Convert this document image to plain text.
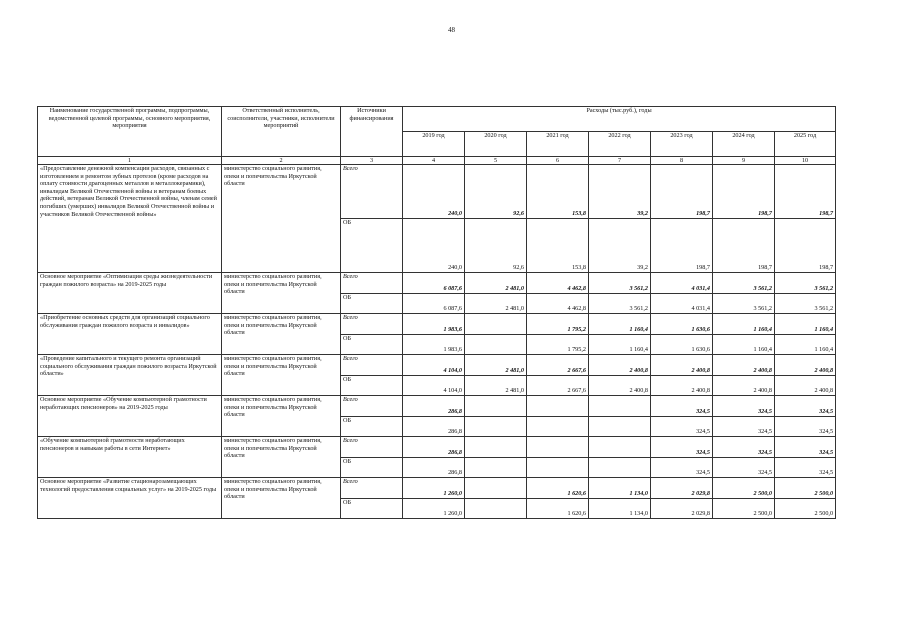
48
Наименование государственной программы, подпрограммы, ведомственной целевой программы, основного мероприятия, мероприятия	Ответственный исполнитель, соисполнители, участники, исполнители мероприятий	Источники финансирования	Расходы (тыс.руб.), годы						
			2019 год	2020 год	2021 год	2022 год	2023 год	2024 год	2025 год
1	2	3	4	5	6	7	8	9	10
«Предоставление денежной компенсации расходов, связанных с изготовлением и ремонтом зубных протезов (кроме расходов на оплату стоимости драгоценных металлов и металлокерамики), инвалидам Великой Отечественной войны и ветеранам боевых действий, ветеранам Великой Отечественной войны, членам семей погибших (умерших) инвалидов Великой Отечественной войны и участников Великой Отечественной войны»	министерство социального развития, опеки и попечительства Иркутской области	Всего	240,0	92,6	153,8	39,2	198,7	198,7	198,7
		ОБ	240,0	92,6	153,8	39,2	198,7	198,7	198,7
Основное мероприятие «Оптимизация среды жизнедеятельности граждан пожилого возраста» на 2019-2025 годы	министерство социального развития, опеки и попечительства Иркутской области	Всего	6 087,6	2 481,0	4 462,8	3 561,2	4 031,4	3 561,2	3 561,2
		ОБ	6 087,6	2 481,0	4 462,8	3 561,2	4 031,4	3 561,2	3 561,2
«Приобретение основных средств для организаций социального обслуживания граждан пожилого возраста и инвалидов»	министерство социального развития, опеки и попечительства Иркутской области	Всего	1 983,6		1 795,2	1 160,4	1 630,6	1 160,4	1 160,4
		ОБ	1 983,6		1 795,2	1 160,4	1 630,6	1 160,4	1 160,4
«Проведение капитального и текущего ремонта организаций социального обслуживания граждан пожилого возраста Иркутской области»	министерство социального развития, опеки и попечительства Иркутской области	Всего	4 104,0	2 481,0	2 667,6	2 400,8	2 400,8	2 400,8	2 400,8
		ОБ	4 104,0	2 481,0	2 667,6	2 400,8	2 400,8	2 400,8	2 400,8
Основное мероприятие «Обучение компьютерной грамотности неработающих пенсионеров» на 2019-2025 годы	министерство социального развития, опеки и попечительства Иркутской области	Всего	286,8				324,5	324,5	324,5
		ОБ	286,8				324,5	324,5	324,5
«Обучение компьютерной грамотности неработающих пенсионеров и навыкам работы в сети Интернет»	министерство социального развития, опеки и попечительства Иркутской области	Всего	286,8				324,5	324,5	324,5
		ОБ	286,8				324,5	324,5	324,5
Основное мероприятие «Развитие стационарозамещающих технологий предоставления социальных услуг» на 2019-2025 годы	министерство социального развития, опеки и попечительства Иркутской области	Всего	1 260,0		1 620,6	1 134,0	2 029,8	2 500,0	2 500,0
		ОБ	1 260,0		1 620,6	1 134,0	2 029,8	2 500,0	2 500,0
